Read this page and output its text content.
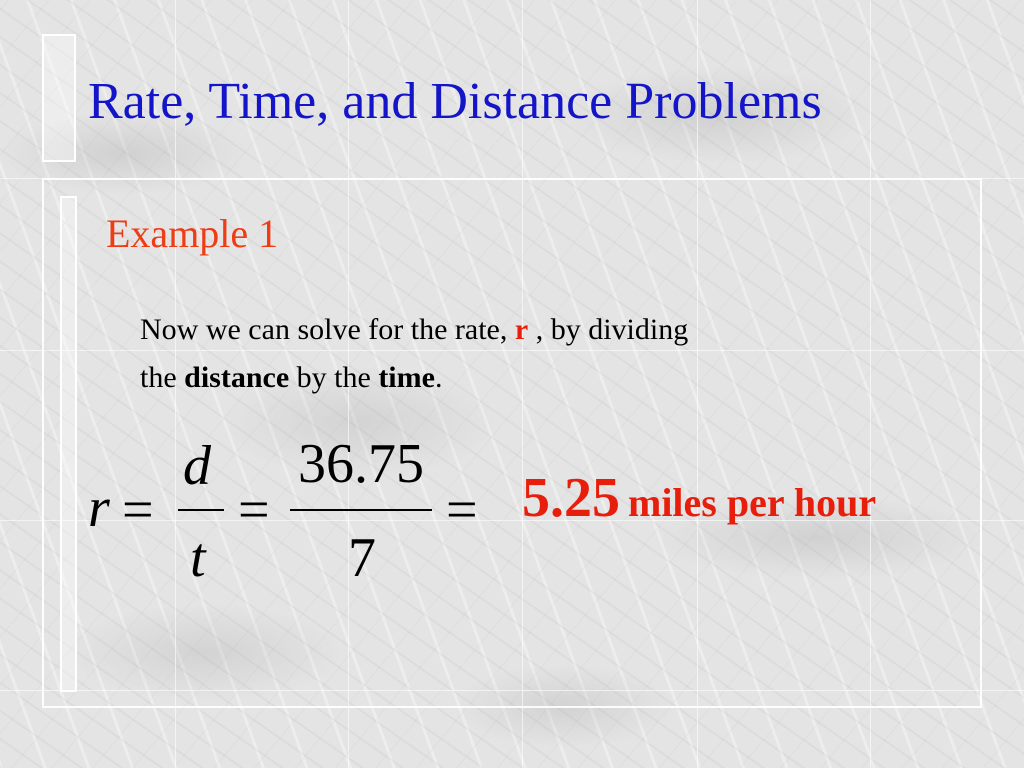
Rate, Time, and Distance Problems
Example 1
Now we can solve for the rate, r , by dividing
the distance by the time.
r =
d
t
=
36.75
7
= 5.25 miles per hour
